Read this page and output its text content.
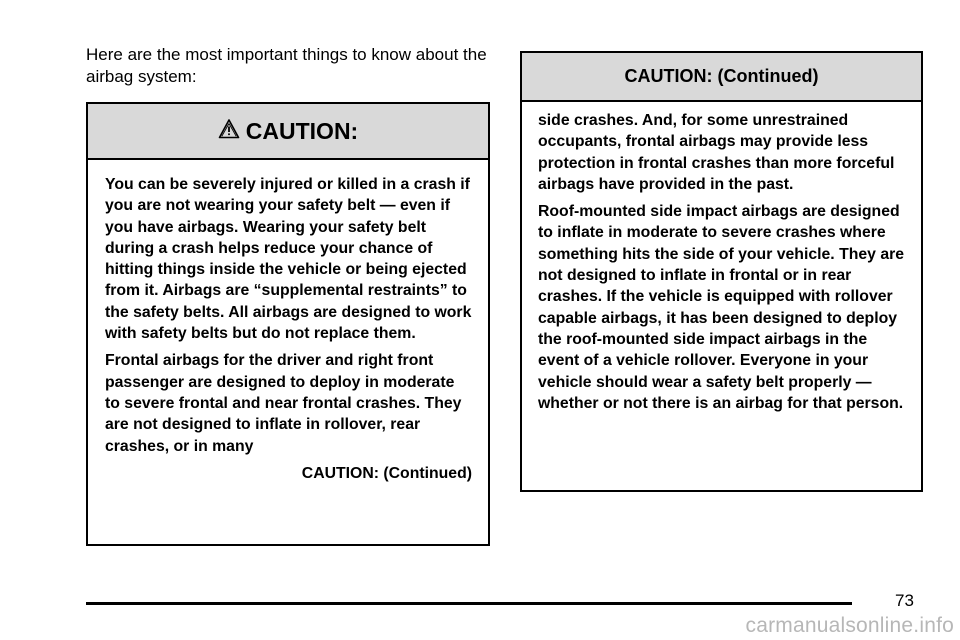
Here are the most important things to know about the airbag system:
CAUTION:

You can be severely injured or killed in a crash if you are not wearing your safety belt — even if you have airbags. Wearing your safety belt during a crash helps reduce your chance of hitting things inside the vehicle or being ejected from it. Airbags are “supplemental restraints” to the safety belts. All airbags are designed to work with safety belts but do not replace them.

Frontal airbags for the driver and right front passenger are designed to deploy in moderate to severe frontal and near frontal crashes. They are not designed to inflate in rollover, rear crashes, or in many

CAUTION: (Continued)
CAUTION: (Continued)

side crashes. And, for some unrestrained occupants, frontal airbags may provide less protection in frontal crashes than more forceful airbags have provided in the past.

Roof-mounted side impact airbags are designed to inflate in moderate to severe crashes where something hits the side of your vehicle. They are not designed to inflate in frontal or in rear crashes. If the vehicle is equipped with rollover capable airbags, it has been designed to deploy the roof-mounted side impact airbags in the event of a vehicle rollover. Everyone in your vehicle should wear a safety belt properly — whether or not there is an airbag for that person.

73
carmanualsonline.info
